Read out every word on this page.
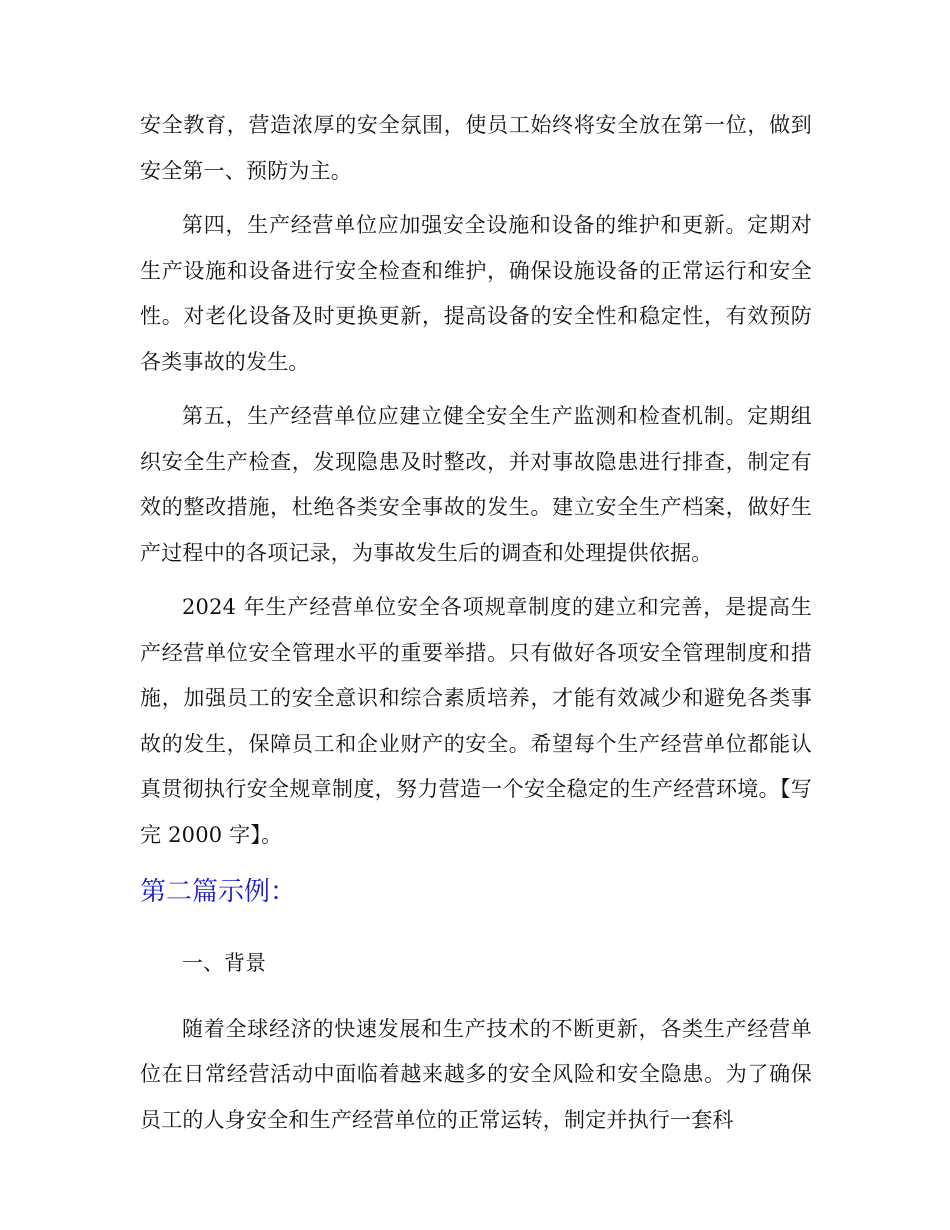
安全教育，营造浓厚的安全氛围，使员工始终将安全放在第一位，做到安全第一、预防为主。

第四，生产经营单位应加强安全设施和设备的维护和更新。定期对生产设施和设备进行安全检查和维护，确保设施设备的正常运行和安全性。对老化设备及时更换更新，提高设备的安全性和稳定性，有效预防各类事故的发生。

第五，生产经营单位应建立健全安全生产监测和检查机制。定期组织安全生产检查，发现隐患及时整改，并对事故隐患进行排查，制定有效的整改措施，杜绝各类安全事故的发生。建立安全生产档案，做好生产过程中的各项记录，为事故发生后的调查和处理提供依据。

2024 年生产经营单位安全各项规章制度的建立和完善，是提高生产经营单位安全管理水平的重要举措。只有做好各项安全管理制度和措施，加强员工的安全意识和综合素质培养，才能有效减少和避免各类事故的发生，保障员工和企业财产的安全。希望每个生产经营单位都能认真贯彻执行安全规章制度，努力营造一个安全稳定的生产经营环境。【写完 2000 字】。

第二篇示例：

一、背景

随着全球经济的快速发展和生产技术的不断更新，各类生产经营单位在日常经营活动中面临着越来越多的安全风险和安全隐患。为了确保员工的人身安全和生产经营单位的正常运转，制定并执行一套科
